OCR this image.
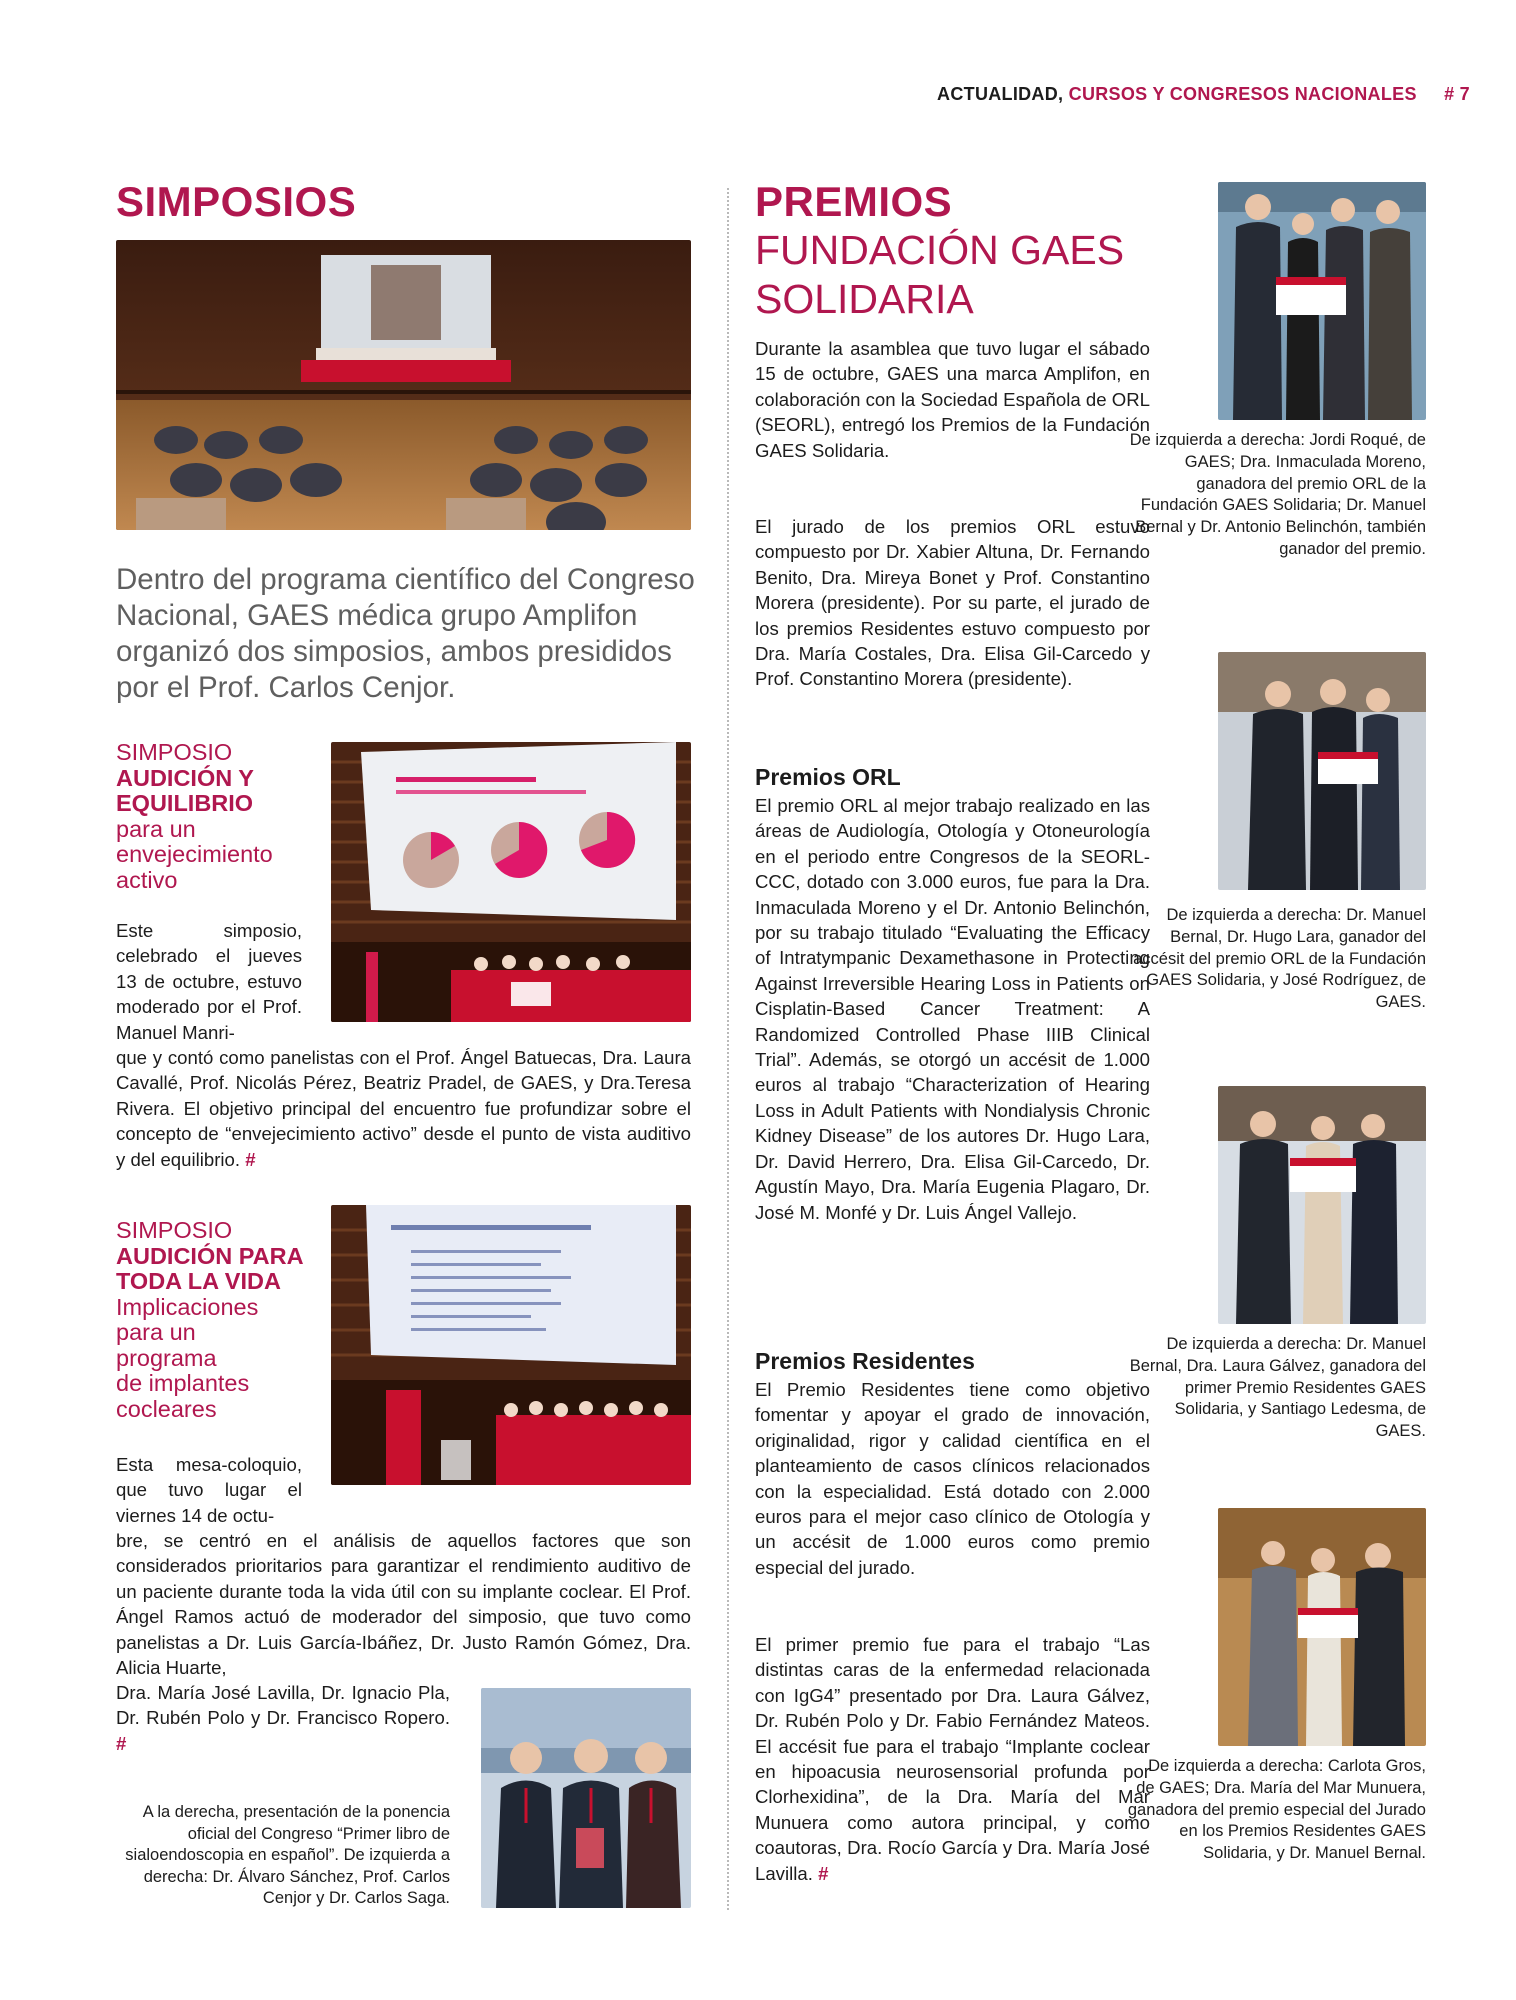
ACTUALIDAD, CURSOS Y CONGRESOS NACIONALES # 7
SIMPOSIOS
Dentro del programa científico del Congreso Nacional, GAES médica grupo Amplifon organizó dos simposios, ambos presididos por el Prof. Carlos Cenjor.
SIMPOSIO
AUDICIÓN Y
EQUILIBRIO
para un
envejecimiento
activo
Este simposio, celebrado el jueves 13 de octubre, estuvo moderado por el Prof. Manuel Manri-
que y contó como panelistas con el Prof. Ángel Batuecas, Dra. Laura Cavallé, Prof. Nicolás Pérez, Beatriz Pradel, de GAES, y Dra.Teresa Rivera. El objetivo principal del encuentro fue profundizar sobre el concepto de “envejecimiento activo” desde el punto de vista auditivo y del equilibrio. #
SIMPOSIO
AUDICIÓN PARA
TODA LA VIDA
Implicaciones
para un
programa
de implantes
cocleares
Esta mesa-coloquio, que tuvo lugar el viernes 14 de octu-
bre, se centró en el análisis de aquellos factores que son considerados prioritarios para garantizar el rendimiento auditivo de un paciente durante toda la vida útil con su implante coclear. El Prof. Ángel Ramos actuó de moderador del simposio, que tuvo como panelistas a Dr. Luis García-Ibáñez, Dr. Justo Ramón Gómez, Dra. Alicia Huarte,
Dra. María José Lavilla, Dr. Ignacio Pla, Dr. Rubén Polo y Dr. Francisco Ropero. #
A la derecha, presentación de la ponencia oficial del Congreso “Primer libro de sialoendoscopia en español”. De izquierda a derecha: Dr. Álvaro Sánchez, Prof. Carlos Cenjor y Dr. Carlos Saga.
PREMIOS
FUNDACIÓN GAES
SOLIDARIA
Durante la asamblea que tuvo lugar el sábado 15 de octubre, GAES una marca Amplifon, en colaboración con la Sociedad Española de ORL (SEORL), entregó los Premios de la Fundación GAES Solidaria.
El jurado de los premios ORL estuvo compuesto por Dr. Xabier Altuna, Dr. Fernando Benito, Dra. Mireya Bonet y Prof. Constantino Morera (presidente). Por su parte, el jurado de los premios Residentes estuvo compuesto por Dra. María Costales, Dra. Elisa Gil-Carcedo y Prof. Constantino Morera (presidente).
Premios ORL
El premio ORL al mejor trabajo realizado en las áreas de Audiología, Otología y Otoneurología en el periodo entre Congresos de la SEORL-CCC, dotado con 3.000 euros, fue para la Dra. Inmaculada Moreno y el Dr. Antonio Belinchón, por su trabajo titulado “Evaluating the Efficacy of Intratympanic Dexamethasone in Protecting Against Irreversible Hearing Loss in Patients on Cisplatin-Based Cancer Treatment: A Randomized Controlled Phase IIIB Clinical Trial”. Además, se otorgó un accésit de 1.000 euros al trabajo “Characterization of Hearing Loss in Adult Patients with Nondialysis Chronic Kidney Disease” de los autores Dr. Hugo Lara, Dr. David Herrero, Dra. Elisa Gil-Carcedo, Dr. Agustín Mayo, Dra. María Eugenia Plagaro, Dr. José M. Monfé y Dr. Luis Ángel Vallejo.
Premios Residentes
El Premio Residentes tiene como objetivo fomentar y apoyar el grado de innovación, originalidad, rigor y calidad científica en el planteamiento de casos clínicos relacionados con la especialidad. Está dotado con 2.000 euros para el mejor caso clínico de Otología y un accésit de 1.000 euros como premio especial del jurado.
El primer premio fue para el trabajo “Las distintas caras de la enfermedad relacionada con IgG4” presentado por Dra. Laura Gálvez, Dr. Rubén Polo y Dr. Fabio Fernández Mateos. El accésit fue para el trabajo “Implante coclear en hipoacusia neurosensorial profunda por Clorhexidina”, de la Dra. María del Mar Munuera como autora principal, y como coautoras, Dra. Rocío García y Dra. María José Lavilla. #
De izquierda a derecha: Jordi Roqué, de GAES; Dra. Inmaculada Moreno, ganadora del premio ORL de la Fundación GAES Solidaria; Dr. Manuel Bernal y Dr. Antonio Belinchón, también ganador del premio.
De izquierda a derecha: Dr. Manuel Bernal, Dr. Hugo Lara, ganador del accésit del premio ORL de la Fundación GAES Solidaria, y José Rodríguez, de GAES.
De izquierda a derecha: Dr. Manuel Bernal, Dra. Laura Gálvez, ganadora del primer Premio Residentes GAES Solidaria, y Santiago Ledesma, de GAES.
De izquierda a derecha: Carlota Gros, de GAES; Dra. María del Mar Munuera, ganadora del premio especial del Jurado en los Premios Residentes GAES Solidaria, y Dr. Manuel Bernal.
